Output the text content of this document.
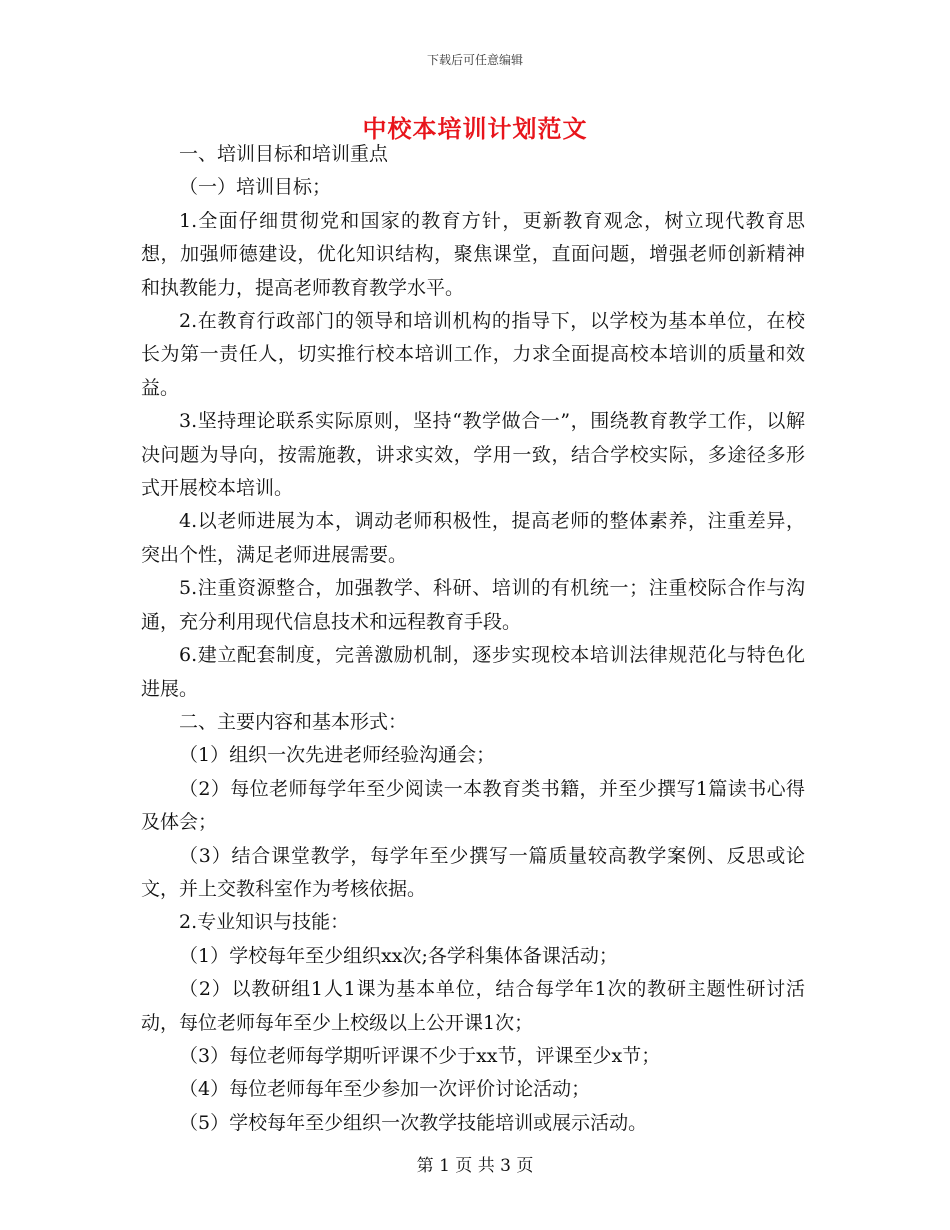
下载后可任意编辑
中校本培训计划范文

一、培训目标和培训重点

（一）培训目标；

1.全面仔细贯彻党和国家的教育方针，更新教育观念，树立现代教育思想，加强师德建设，优化知识结构，聚焦课堂，直面问题，增强老师创新精神和执教能力，提高老师教育教学水平。

2.在教育行政部门的领导和培训机构的指导下，以学校为基本单位，在校长为第一责任人，切实推行校本培训工作，力求全面提高校本培训的质量和效益。

3.坚持理论联系实际原则，坚持“教学做合一”，围绕教育教学工作，以解决问题为导向，按需施教，讲求实效，学用一致，结合学校实际，多途径多形式开展校本培训。

4.以老师进展为本，调动老师积极性，提高老师的整体素养，注重差异，突出个性，满足老师进展需要。

5.注重资源整合，加强教学、科研、培训的有机统一；注重校际合作与沟通，充分利用现代信息技术和远程教育手段。

6.建立配套制度，完善激励机制，逐步实现校本培训法律规范化与特色化进展。

二、主要内容和基本形式：

（1）组织一次先进老师经验沟通会；

（2）每位老师每学年至少阅读一本教育类书籍，并至少撰写1篇读书心得及体会；

（3）结合课堂教学，每学年至少撰写一篇质量较高教学案例、反思或论文，并上交教科室作为考核依据。

2.专业知识与技能：

（1）学校每年至少组织xx次;各学科集体备课活动；

（2）以教研组1人1课为基本单位，结合每学年1次的教研主题性研讨活动，每位老师每年至少上校级以上公开课1次；

（3）每位老师每学期听评课不少于xx节，评课至少x节；

（4）每位老师每年至少参加一次评价讨论活动；

（5）学校每年至少组织一次教学技能培训或展示活动。

第 1 页 共 3 页
